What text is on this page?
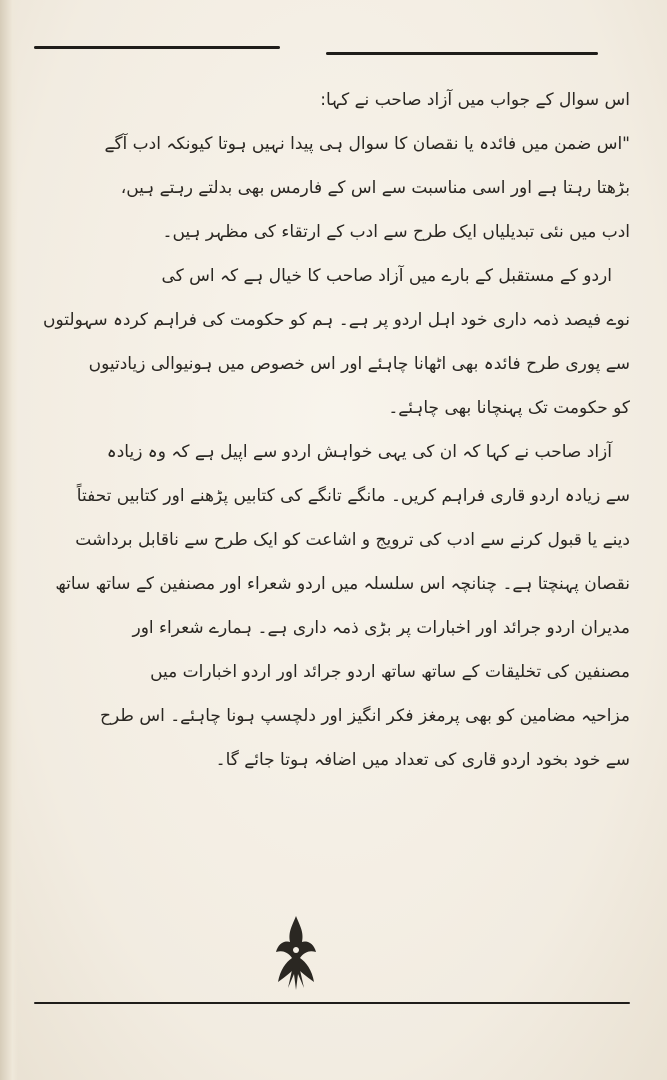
اس سوال کے جواب میں آزاد صاحب نے کہا:
"اس ضمن میں فائدہ یا نقصان کا سوال ہی پیدا نہیں ہوتا کیونکہ ادب آگے
بڑھتا رہتا ہے اور اسی مناسبت سے اس کے فارمس بھی بدلتے رہتے ہیں،
ادب میں نئی تبدیلیاں ایک طرح سے ادب کے ارتقاء کی مظہر ہیں۔
اردو کے مستقبل کے بارے میں آزاد صاحب کا خیال ہے کہ اس کی
نوے فیصد ذمہ داری خود اہل اردو پر ہے۔ ہم کو حکومت کی فراہم کردہ سہولتوں
سے پوری طرح فائدہ بھی اٹھانا چاہئے اور اس خصوص میں ہونیوالی زیادتیوں
کو حکومت تک پہنچانا بھی چاہئے۔
آزاد صاحب نے کہا کہ ان کی یہی خواہش اردو سے اپیل ہے کہ وہ زیادہ
سے زیادہ اردو قاری فراہم کریں۔ مانگے تانگے کی کتابیں پڑھنے اور کتابیں تحفتاً
دینے یا قبول کرنے سے ادب کی ترویج و اشاعت کو ایک طرح سے ناقابل برداشت
نقصان پہنچتا ہے۔ چنانچہ اس سلسلہ میں اردو شعراء اور مصنفین کے ساتھ ساتھ
مدیران اردو جرائد اور اخبارات پر بڑی ذمہ داری ہے۔ ہمارے شعراء اور
مصنفین کی تخلیقات کے ساتھ ساتھ اردو جرائد اور اردو اخبارات میں
مزاحیہ مضامین کو بھی پرمغز فکر انگیز اور دلچسپ ہونا چاہئے۔ اس طرح
سے خود بخود اردو قاری کی تعداد میں اضافہ ہوتا جائے گا۔
